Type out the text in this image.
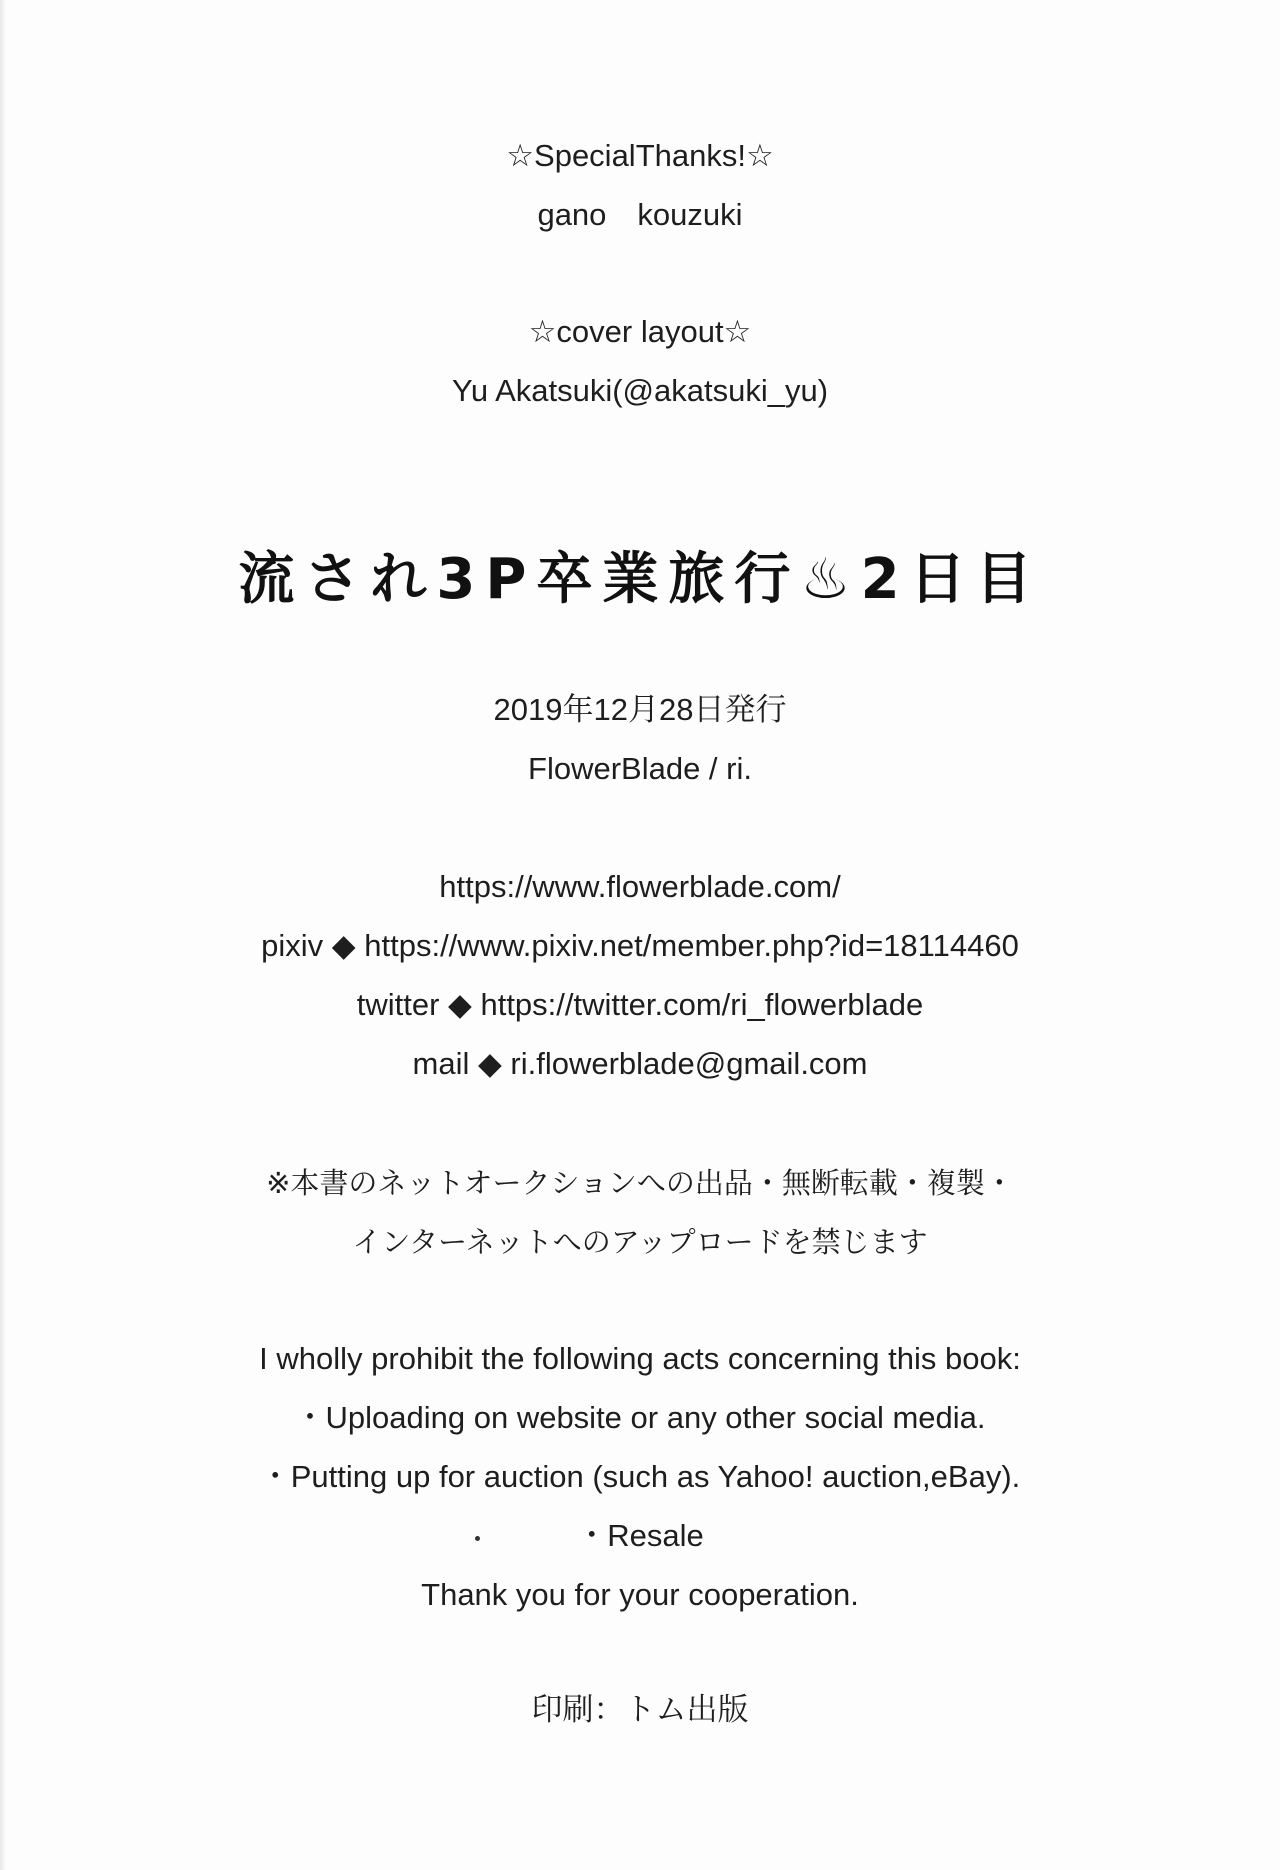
☆SpecialThanks!☆
gano　kouzuki
☆cover layout☆
Yu Akatsuki(@akatsuki_yu)
流され3P卒業旅行♨2日目
2019年12月28日発行
FlowerBlade / ri.
https://www.flowerblade.com/
pixiv ◆ https://www.pixiv.net/member.php?id=18114460
twitter ◆ https://twitter.com/ri_flowerblade
mail ◆ ri.flowerblade@gmail.com
※本書のネットオークションへの出品・無断転載・複製・
インターネットへのアップロードを禁じます
I wholly prohibit the following acts concerning this book:
・Uploading on website or any other social media.
・Putting up for auction (such as Yahoo! auction,eBay).
・Resale
Thank you for your cooperation.
印刷：トム出版
